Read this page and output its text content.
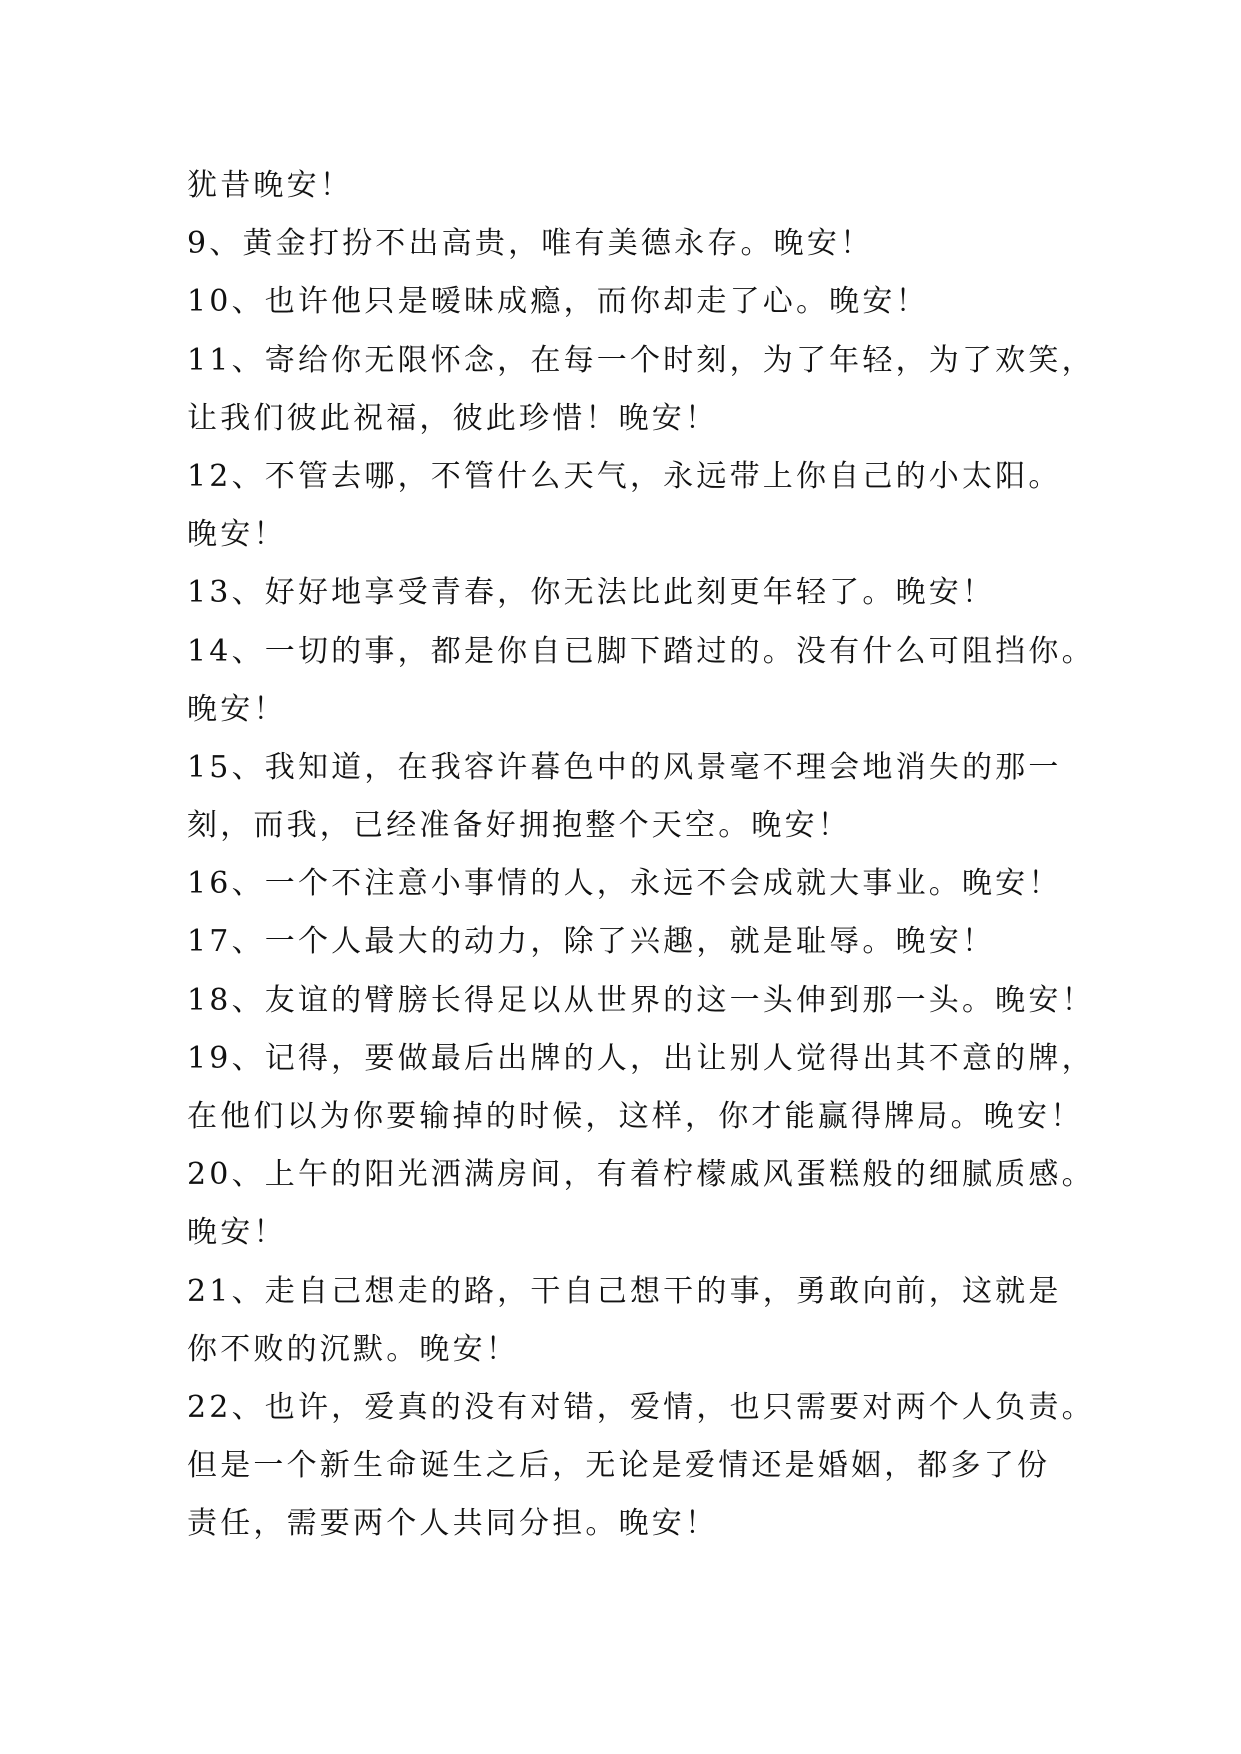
犹昔晚安！
9、黄金打扮不出高贵，唯有美德永存。晚安！
10、也许他只是暧昧成瘾，而你却走了心。晚安！
11、寄给你无限怀念，在每一个时刻，为了年轻，为了欢笑，
让我们彼此祝福，彼此珍惜！晚安！
12、不管去哪，不管什么天气，永远带上你自己的小太阳。
晚安！
13、好好地享受青春，你无法比此刻更年轻了。晚安！
14、一切的事，都是你自已脚下踏过的。没有什么可阻挡你。
晚安！
15、我知道，在我容许暮色中的风景毫不理会地消失的那一
刻，而我，已经准备好拥抱整个天空。晚安！
16、一个不注意小事情的人，永远不会成就大事业。晚安！
17、一个人最大的动力，除了兴趣，就是耻辱。晚安！
18、友谊的臂膀长得足以从世界的这一头伸到那一头。晚安！
19、记得，要做最后出牌的人，出让别人觉得出其不意的牌，
在他们以为你要输掉的时候，这样，你才能赢得牌局。晚安！
20、上午的阳光洒满房间，有着柠檬戚风蛋糕般的细腻质感。
晚安！
21、走自己想走的路，干自己想干的事，勇敢向前，这就是
你不败的沉默。晚安！
22、也许，爱真的没有对错，爱情，也只需要对两个人负责。
但是一个新生命诞生之后，无论是爱情还是婚姻，都多了份
责任，需要两个人共同分担。晚安！
